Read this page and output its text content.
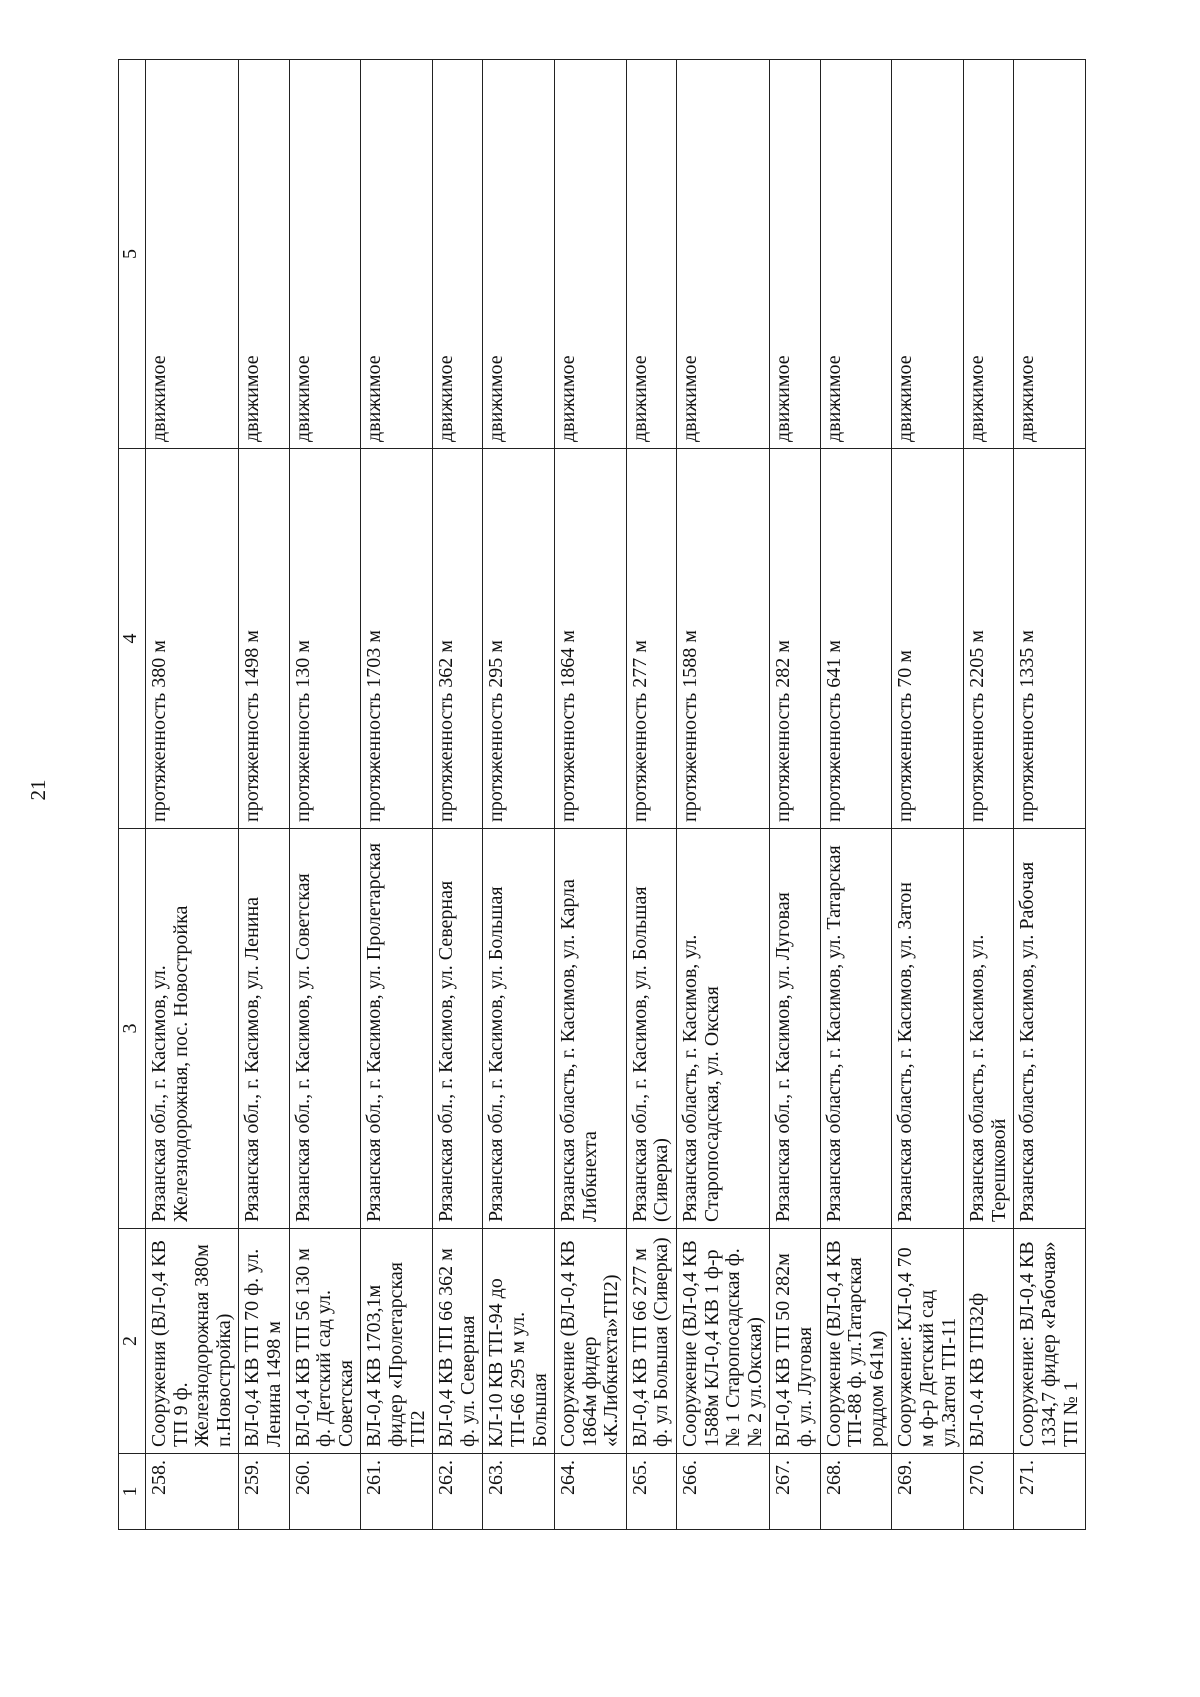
21
1	2	3	4	5
258.	Сооружения (ВЛ-0,4 КВ ТП 9 ф. Железнодорожная 380м п.Новостройка)	Рязанская обл., г. Касимов, ул. Железнодорожная, пос. Новостройка	протяженность 380 м	движимое
259.	ВЛ-0,4 КВ ТП 70 ф. ул. Ленина 1498 м	Рязанская обл., г. Касимов, ул. Ленина	протяженность 1498 м	движимое
260.	ВЛ-0,4 КВ ТП 56 130 м ф. Детский сад ул. Советская	Рязанская обл., г. Касимов, ул. Советская	протяженность 130 м	движимое
261.	ВЛ-0,4 КВ 1703,1м фидер «Пролетарская ТП2	Рязанская обл., г. Касимов, ул. Пролетарская	протяженность 1703 м	движимое
262.	ВЛ-0,4 КВ ТП 66 362 м ф. ул. Северная	Рязанская обл., г. Касимов, ул. Северная	протяженность 362 м	движимое
263.	КЛ-10 КВ ТП-94 до ТП-66 295 м ул. Большая	Рязанская обл., г. Касимов, ул. Большая	протяженность 295 м	движимое
264.	Сооружение (ВЛ-0,4 КВ 1864м фидер «К.Либкнехта»ТП2)	Рязанская область, г. Касимов, ул. Карла Либкнехта	протяженность 1864 м	движимое
265.	ВЛ-0,4 КВ ТП 66 277 м ф. ул Большая (Сиверка)	Рязанская обл., г. Касимов, ул. Большая (Сиверка)	протяженность 277 м	движимое
266.	Сооружение (ВЛ-0,4 КВ 1588м КЛ-0,4 КВ 1 ф-р № 1 Старопосадская ф. № 2 ул.Окская)	Рязанская область, г. Касимов, ул. Старопосадская, ул. Окская	протяженность 1588 м	движимое
267.	ВЛ-0,4 КВ ТП 50 282м ф. ул. Луговая	Рязанская обл., г. Касимов, ул. Луговая	протяженность 282 м	движимое
268.	Сооружение (ВЛ-0,4 КВ ТП-88 ф. ул.Татарская роддом 641м)	Рязанская область, г. Касимов, ул. Татарская	протяженность 641 м	движимое
269.	Сооружение: КЛ-0,4 70 м ф-р Детский сад ул.Затон ТП-11	Рязанская область, г. Касимов, ул. Затон	протяженность 70 м	движимое
270.	ВЛ-0.4 КВ ТП32ф	Рязанская область, г. Касимов, ул. Терешковой	протяженность 2205 м	движимое
271.	Сооружение: ВЛ-0,4 КВ 1334,7 фидер «Рабочая» ТП № 1	Рязанская область, г. Касимов, ул. Рабочая	протяженность 1335 м	движимое
